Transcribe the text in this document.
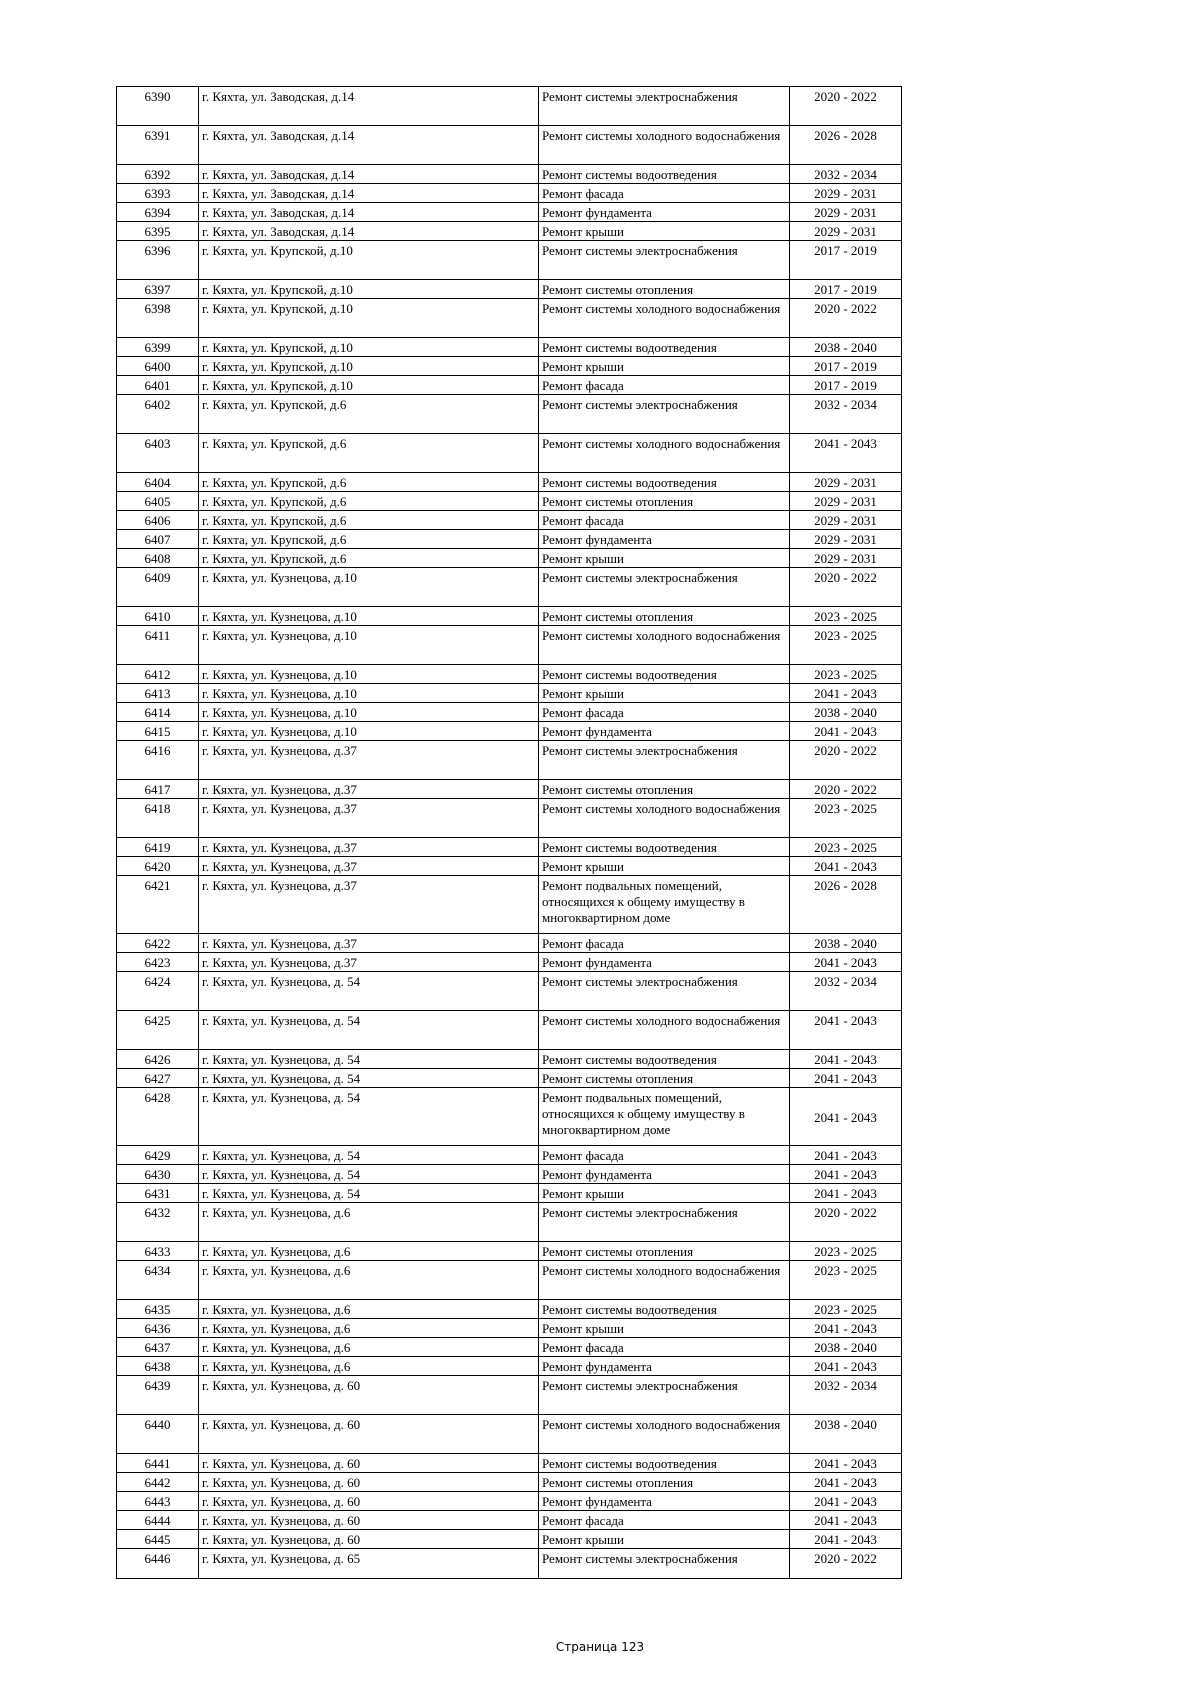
6390	г. Кяхта, ул. Заводская, д.14	Ремонт системы электроснабжения	2020 - 2022
6391	г. Кяхта, ул. Заводская, д.14	Ремонт системы холодного водоснабжения	2026 - 2028
6392	г. Кяхта, ул. Заводская, д.14	Ремонт системы водоотведения	2032 - 2034
6393	г. Кяхта, ул. Заводская, д.14	Ремонт фасада	2029 - 2031
6394	г. Кяхта, ул. Заводская, д.14	Ремонт фундамента	2029 - 2031
6395	г. Кяхта, ул. Заводская, д.14	Ремонт крыши	2029 - 2031
6396	г. Кяхта, ул. Крупской, д.10	Ремонт системы электроснабжения	2017 - 2019
6397	г. Кяхта, ул. Крупской, д.10	Ремонт системы отопления	2017 - 2019
6398	г. Кяхта, ул. Крупской, д.10	Ремонт системы холодного водоснабжения	2020 - 2022
6399	г. Кяхта, ул. Крупской, д.10	Ремонт системы водоотведения	2038 - 2040
6400	г. Кяхта, ул. Крупской, д.10	Ремонт крыши	2017 - 2019
6401	г. Кяхта, ул. Крупской, д.10	Ремонт фасада	2017 - 2019
6402	г. Кяхта, ул. Крупской, д.6	Ремонт системы электроснабжения	2032 - 2034
6403	г. Кяхта, ул. Крупской, д.6	Ремонт системы холодного водоснабжения	2041 - 2043
6404	г. Кяхта, ул. Крупской, д.6	Ремонт системы водоотведения	2029 - 2031
6405	г. Кяхта, ул. Крупской, д.6	Ремонт системы отопления	2029 - 2031
6406	г. Кяхта, ул. Крупской, д.6	Ремонт фасада	2029 - 2031
6407	г. Кяхта, ул. Крупской, д.6	Ремонт фундамента	2029 - 2031
6408	г. Кяхта, ул. Крупской, д.6	Ремонт крыши	2029 - 2031
6409	г. Кяхта, ул. Кузнецова, д.10	Ремонт системы электроснабжения	2020 - 2022
6410	г. Кяхта, ул. Кузнецова, д.10	Ремонт системы отопления	2023 - 2025
6411	г. Кяхта, ул. Кузнецова, д.10	Ремонт системы холодного водоснабжения	2023 - 2025
6412	г. Кяхта, ул. Кузнецова, д.10	Ремонт системы водоотведения	2023 - 2025
6413	г. Кяхта, ул. Кузнецова, д.10	Ремонт крыши	2041 - 2043
6414	г. Кяхта, ул. Кузнецова, д.10	Ремонт фасада	2038 - 2040
6415	г. Кяхта, ул. Кузнецова, д.10	Ремонт фундамента	2041 - 2043
6416	г. Кяхта, ул. Кузнецова, д.37	Ремонт системы электроснабжения	2020 - 2022
6417	г. Кяхта, ул. Кузнецова, д.37	Ремонт системы отопления	2020 - 2022
6418	г. Кяхта, ул. Кузнецова, д.37	Ремонт системы холодного водоснабжения	2023 - 2025
6419	г. Кяхта, ул. Кузнецова, д.37	Ремонт системы водоотведения	2023 - 2025
6420	г. Кяхта, ул. Кузнецова, д.37	Ремонт крыши	2041 - 2043
6421	г. Кяхта, ул. Кузнецова, д.37	Ремонт подвальных помещений, относящихся к общему имуществу в многоквартирном доме	2026 - 2028
6422	г. Кяхта, ул. Кузнецова, д.37	Ремонт фасада	2038 - 2040
6423	г. Кяхта, ул. Кузнецова, д.37	Ремонт фундамента	2041 - 2043
6424	г. Кяхта, ул. Кузнецова, д. 54	Ремонт системы электроснабжения	2032 - 2034
6425	г. Кяхта, ул. Кузнецова, д. 54	Ремонт системы холодного водоснабжения	2041 - 2043
6426	г. Кяхта, ул. Кузнецова, д. 54	Ремонт системы водоотведения	2041 - 2043
6427	г. Кяхта, ул. Кузнецова, д. 54	Ремонт системы отопления	2041 - 2043
6428	г. Кяхта, ул. Кузнецова, д. 54	Ремонт подвальных помещений, относящихся к общему имуществу в многоквартирном доме	2041 - 2043
6429	г. Кяхта, ул. Кузнецова, д. 54	Ремонт фасада	2041 - 2043
6430	г. Кяхта, ул. Кузнецова, д. 54	Ремонт фундамента	2041 - 2043
6431	г. Кяхта, ул. Кузнецова, д. 54	Ремонт крыши	2041 - 2043
6432	г. Кяхта, ул. Кузнецова, д.6	Ремонт системы электроснабжения	2020 - 2022
6433	г. Кяхта, ул. Кузнецова, д.6	Ремонт системы отопления	2023 - 2025
6434	г. Кяхта, ул. Кузнецова, д.6	Ремонт системы холодного водоснабжения	2023 - 2025
6435	г. Кяхта, ул. Кузнецова, д.6	Ремонт системы водоотведения	2023 - 2025
6436	г. Кяхта, ул. Кузнецова, д.6	Ремонт крыши	2041 - 2043
6437	г. Кяхта, ул. Кузнецова, д.6	Ремонт фасада	2038 - 2040
6438	г. Кяхта, ул. Кузнецова, д.6	Ремонт фундамента	2041 - 2043
6439	г. Кяхта, ул. Кузнецова, д. 60	Ремонт системы электроснабжения	2032 - 2034
6440	г. Кяхта, ул. Кузнецова, д. 60	Ремонт системы холодного водоснабжения	2038 - 2040
6441	г. Кяхта, ул. Кузнецова, д. 60	Ремонт системы водоотведения	2041 - 2043
6442	г. Кяхта, ул. Кузнецова, д. 60	Ремонт системы отопления	2041 - 2043
6443	г. Кяхта, ул. Кузнецова, д. 60	Ремонт фундамента	2041 - 2043
6444	г. Кяхта, ул. Кузнецова, д. 60	Ремонт фасада	2041 - 2043
6445	г. Кяхта, ул. Кузнецова, д. 60	Ремонт крыши	2041 - 2043
6446	г. Кяхта, ул. Кузнецова, д. 65	Ремонт системы электроснабжения	2020 - 2022
Страница 123
